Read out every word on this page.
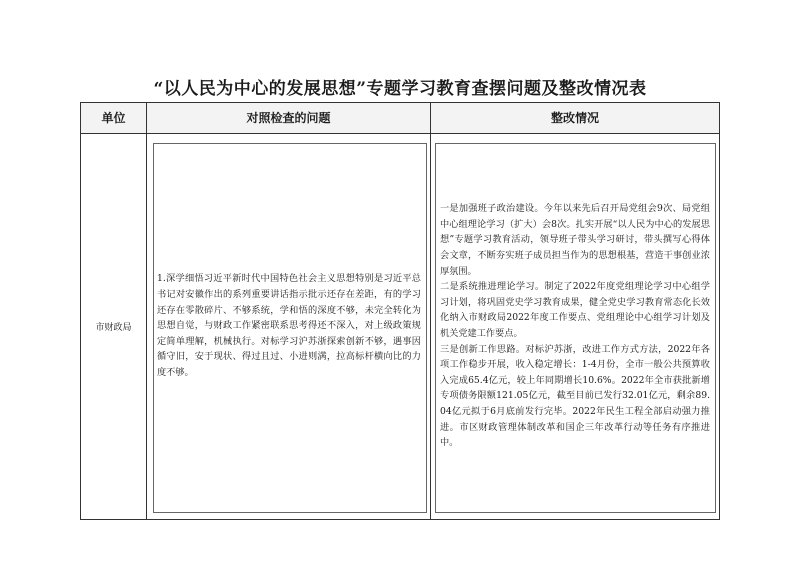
“以人民为中心的发展思想”专题学习教育查摆问题及整改情况表
单位	对照检查的问题	整改情况
市财政局
1.深学细悟习近平新时代中国特色社会主义思想特别是习近平总书记对安徽作出的系列重要讲话指示批示还存在差距，有的学习还存在零散碎片、不够系统，学和悟的深度不够，未完全转化为思想自觉，与财政工作紧密联系思考得还不深入，对上级政策规定简单理解，机械执行。对标学习沪苏浙探索创新不够，遇事因循守旧，安于现状、得过且过、小进则满，拉高标杆横向比的力度不够。
一是加强班子政治建设。今年以来先后召开局党组会9次、局党组中心组理论学习（扩大）会8次。扎实开展“以人民为中心的发展思想”专题学习教育活动，领导班子带头学习研讨，带头撰写心得体会文章，不断夯实班子成员担当作为的思想根基，营造干事创业浓厚氛围。
二是系统推进理论学习。制定了2022年度党组理论学习中心组学习计划，将巩固党史学习教育成果，健全党史学习教育常态化长效化纳入市财政局2022年度工作要点、党组理论中心组学习计划及机关党建工作要点。
三是创新工作思路。对标沪苏浙，改进工作方式方法，2022年各项工作稳步开展，收入稳定增长：1-4月份，全市一般公共预算收入完成65.4亿元，较上年同期增长10.6%。2022年全市获批新增专项债务限额121.05亿元，截至目前已发行32.01亿元，剩余89.04亿元拟于6月底前发行完毕。2022年民生工程全部启动强力推进。市区财政管理体制改革和国企三年改革行动等任务有序推进中。
